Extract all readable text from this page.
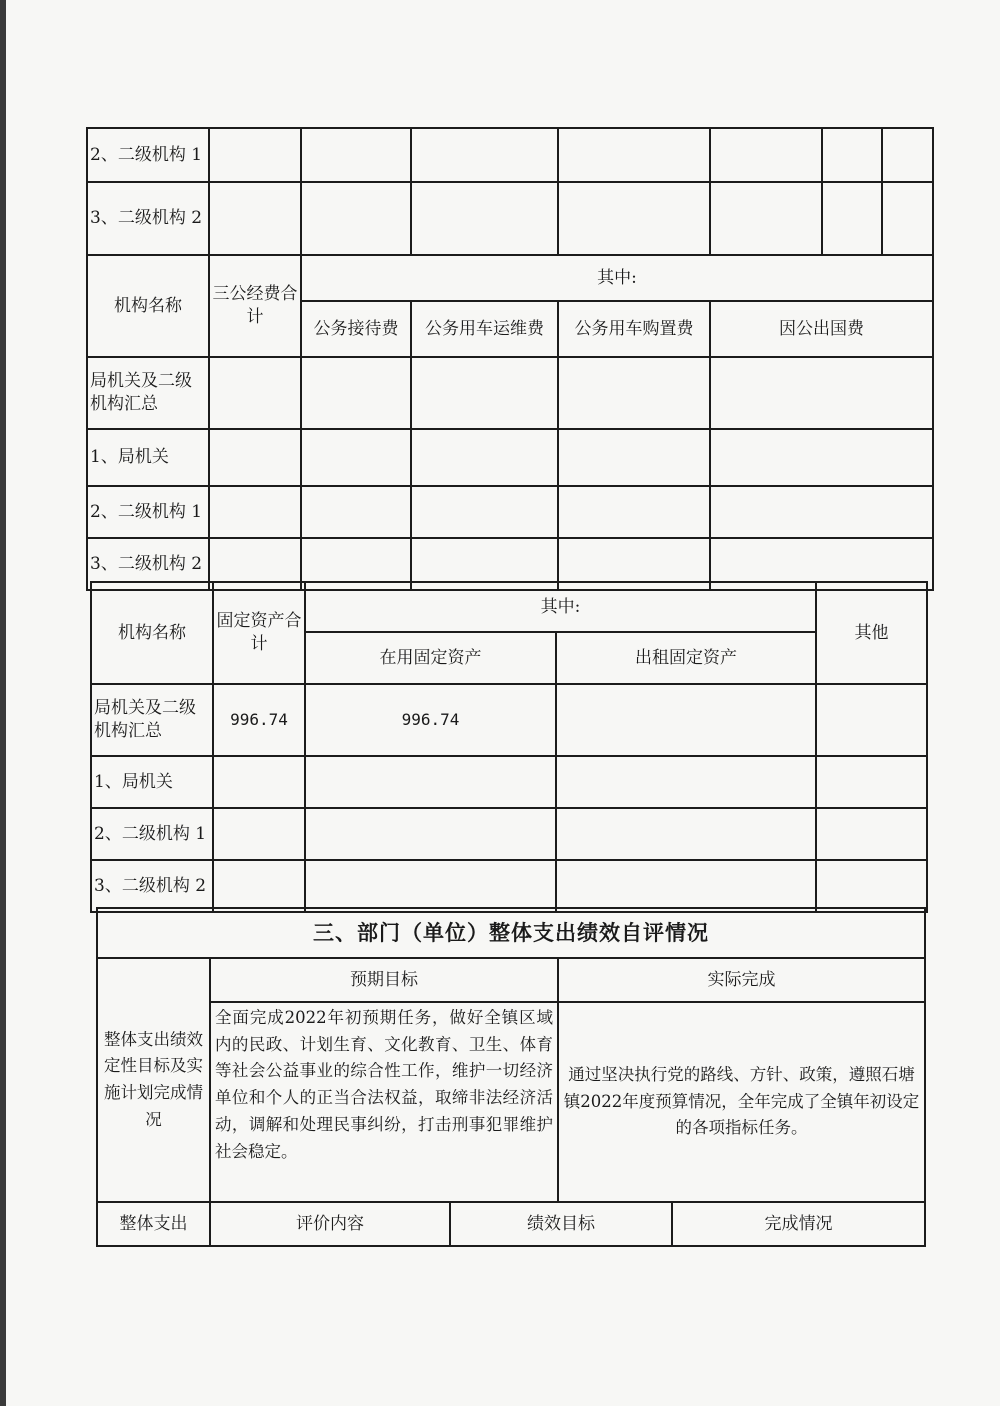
2、二级机构 1							
3、二级机构 2							
机构名称	三公经费合计	其中:			
		公务接待费	公务用车运维费	公务用车购置费	因公出国费
局机关及二级机构汇总					
1、局机关					
2、二级机构 1					
3、二级机构 2					
机构名称	固定资产合计	其中:		其他
		在用固定资产	出租固定资产	
局机关及二级机构汇总	996.74	996.74		
1、局机关				
2、二级机构 1				
3、二级机构 2				
三、部门（单位）整体支出绩效自评情况				
整体支出绩效定性目标及实施计划完成情况	预期目标		实际完成	
	全面完成2022年初预期任务，做好全镇区域内的民政、计划生育、文化教育、卫生、体育等社会公益事业的综合性工作，维护一切经济单位和个人的正当合法权益，取缔非法经济活动，调解和处理民事纠纷，打击刑事犯罪维护社会稳定。		通过坚决执行党的路线、方针、政策，遵照石塘镇2022年度预算情况，全年完成了全镇年初设定的各项指标任务。	
整体支出	评价内容	绩效目标		完成情况
